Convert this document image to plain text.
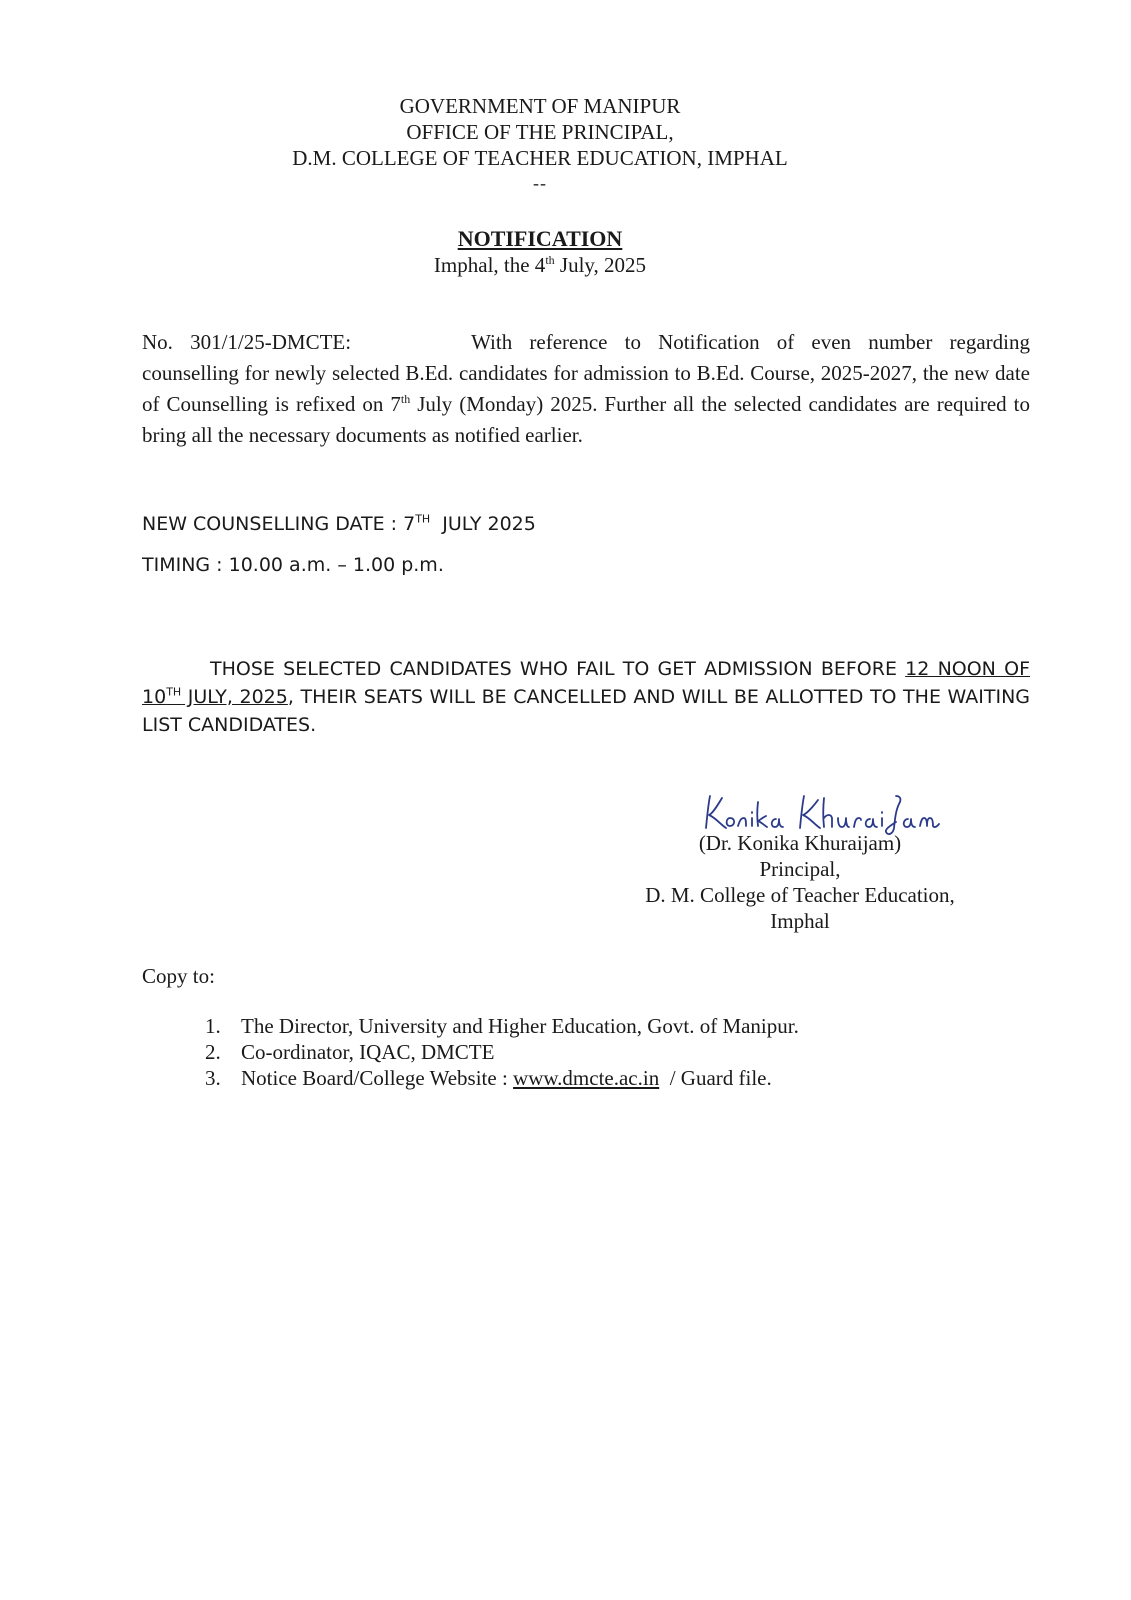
GOVERNMENT OF MANIPUR
OFFICE OF THE PRINCIPAL,
D.M. COLLEGE OF TEACHER EDUCATION, IMPHAL
--
NOTIFICATION
Imphal, the 4th July, 2025
No. 301/1/25-DMCTE:	With reference to Notification of even number regarding counselling for newly selected B.Ed. candidates for admission to B.Ed. Course, 2025-2027, the new date of Counselling is refixed on 7th July (Monday) 2025. Further all the selected candidates are required to bring all the necessary documents as notified earlier.
NEW COUNSELLING DATE : 7TH  JULY 2025
TIMING : 10.00 a.m. – 1.00 p.m.
THOSE SELECTED CANDIDATES WHO FAIL TO GET ADMISSION BEFORE 12 NOON OF 10TH JULY, 2025, THEIR SEATS WILL BE CANCELLED AND WILL BE ALLOTTED TO THE WAITING LIST CANDIDATES.
(Dr. Konika Khuraijam)
Principal,
D. M. College of Teacher Education,
Imphal
Copy to:
1. The Director, University and Higher Education, Govt. of Manipur.
2. Co-ordinator, IQAC, DMCTE
3. Notice Board/College Website : www.dmcte.ac.in  / Guard file.
